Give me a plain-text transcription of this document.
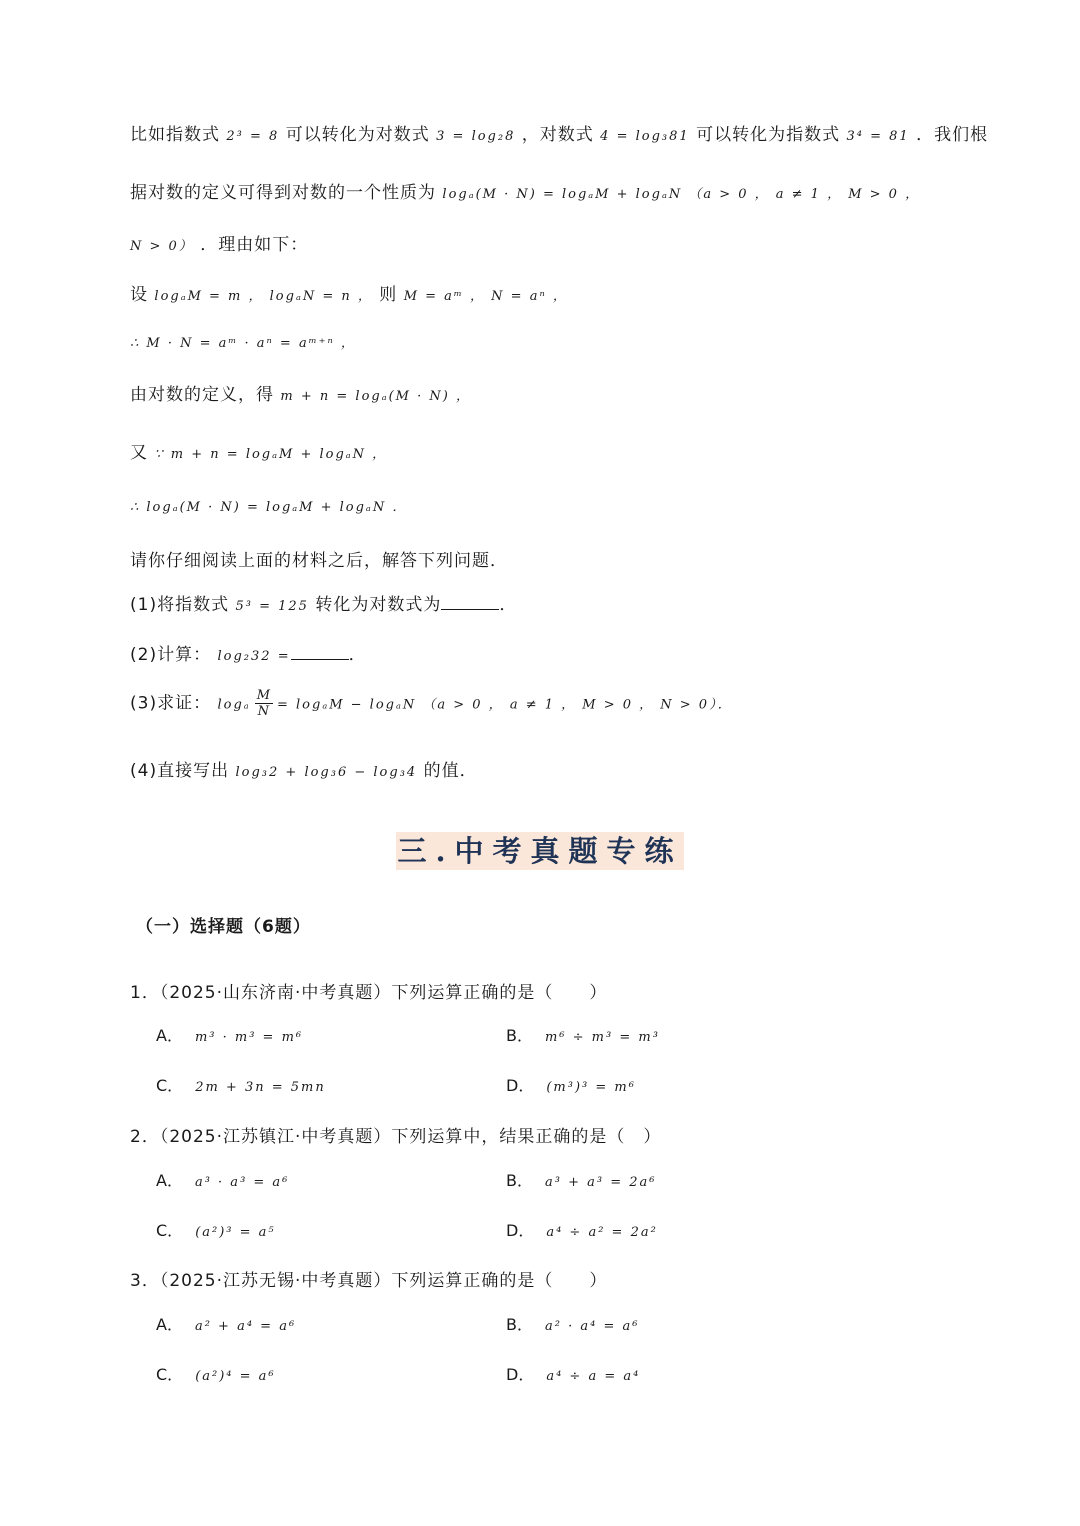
比如指数式 2³ = 8 可以转化为对数式 3 = log₂8 ，对数式 4 = log₃81 可以转化为指数式 3⁴ = 81 ．我们根
据对数的定义可得到对数的一个性质为 logₐ(M · N) = logₐM + logₐN （a > 0 ， a ≠ 1 ， M > 0 ，
N > 0） ．理由如下：
设 logₐM = m ， logₐN = n ， 则 M = aᵐ ， N = aⁿ ，
∴ M · N = aᵐ · aⁿ = aᵐ⁺ⁿ ，
由对数的定义，得 m + n = logₐ(M · N) ，
又 ∵ m + n = logₐM + logₐN ，
∴ logₐ(M · N) = logₐM + logₐN ．
请你仔细阅读上面的材料之后，解答下列问题．
(1)将指数式 5³ = 125 转化为对数式为	．
(2)计算： log₂32 =	．
(3)求证： logₐ $\frac{M}{N} = \log_aM - \log_aN$ （a > 0 ， a ≠ 1 ， M > 0 ， N > 0）．
(4)直接写出 log₃2 + log₃6 − log₃4 的值．
三.中考真题专练
（一）选择题（6题）
1．（2025·山东济南·中考真题）下列运算正确的是（　　）
A． m³ · m³ = m⁶	B． m⁶ ÷ m³ = m³
C． 2m + 3n = 5mn	D． (m³)³ = m⁶
2．（2025·江苏镇江·中考真题）下列运算中，结果正确的是（　）
A． a³ · a³ = a⁶	B． a³ + a³ = 2a⁶
C． (a²)³ = a⁵	D． a⁴ ÷ a² = 2a²
3．（2025·江苏无锡·中考真题）下列运算正确的是（　　）
A． a² + a⁴ = a⁶	B． a² · a⁴ = a⁶
C． (a²)⁴ = a⁶	D． a⁴ ÷ a = a⁴
